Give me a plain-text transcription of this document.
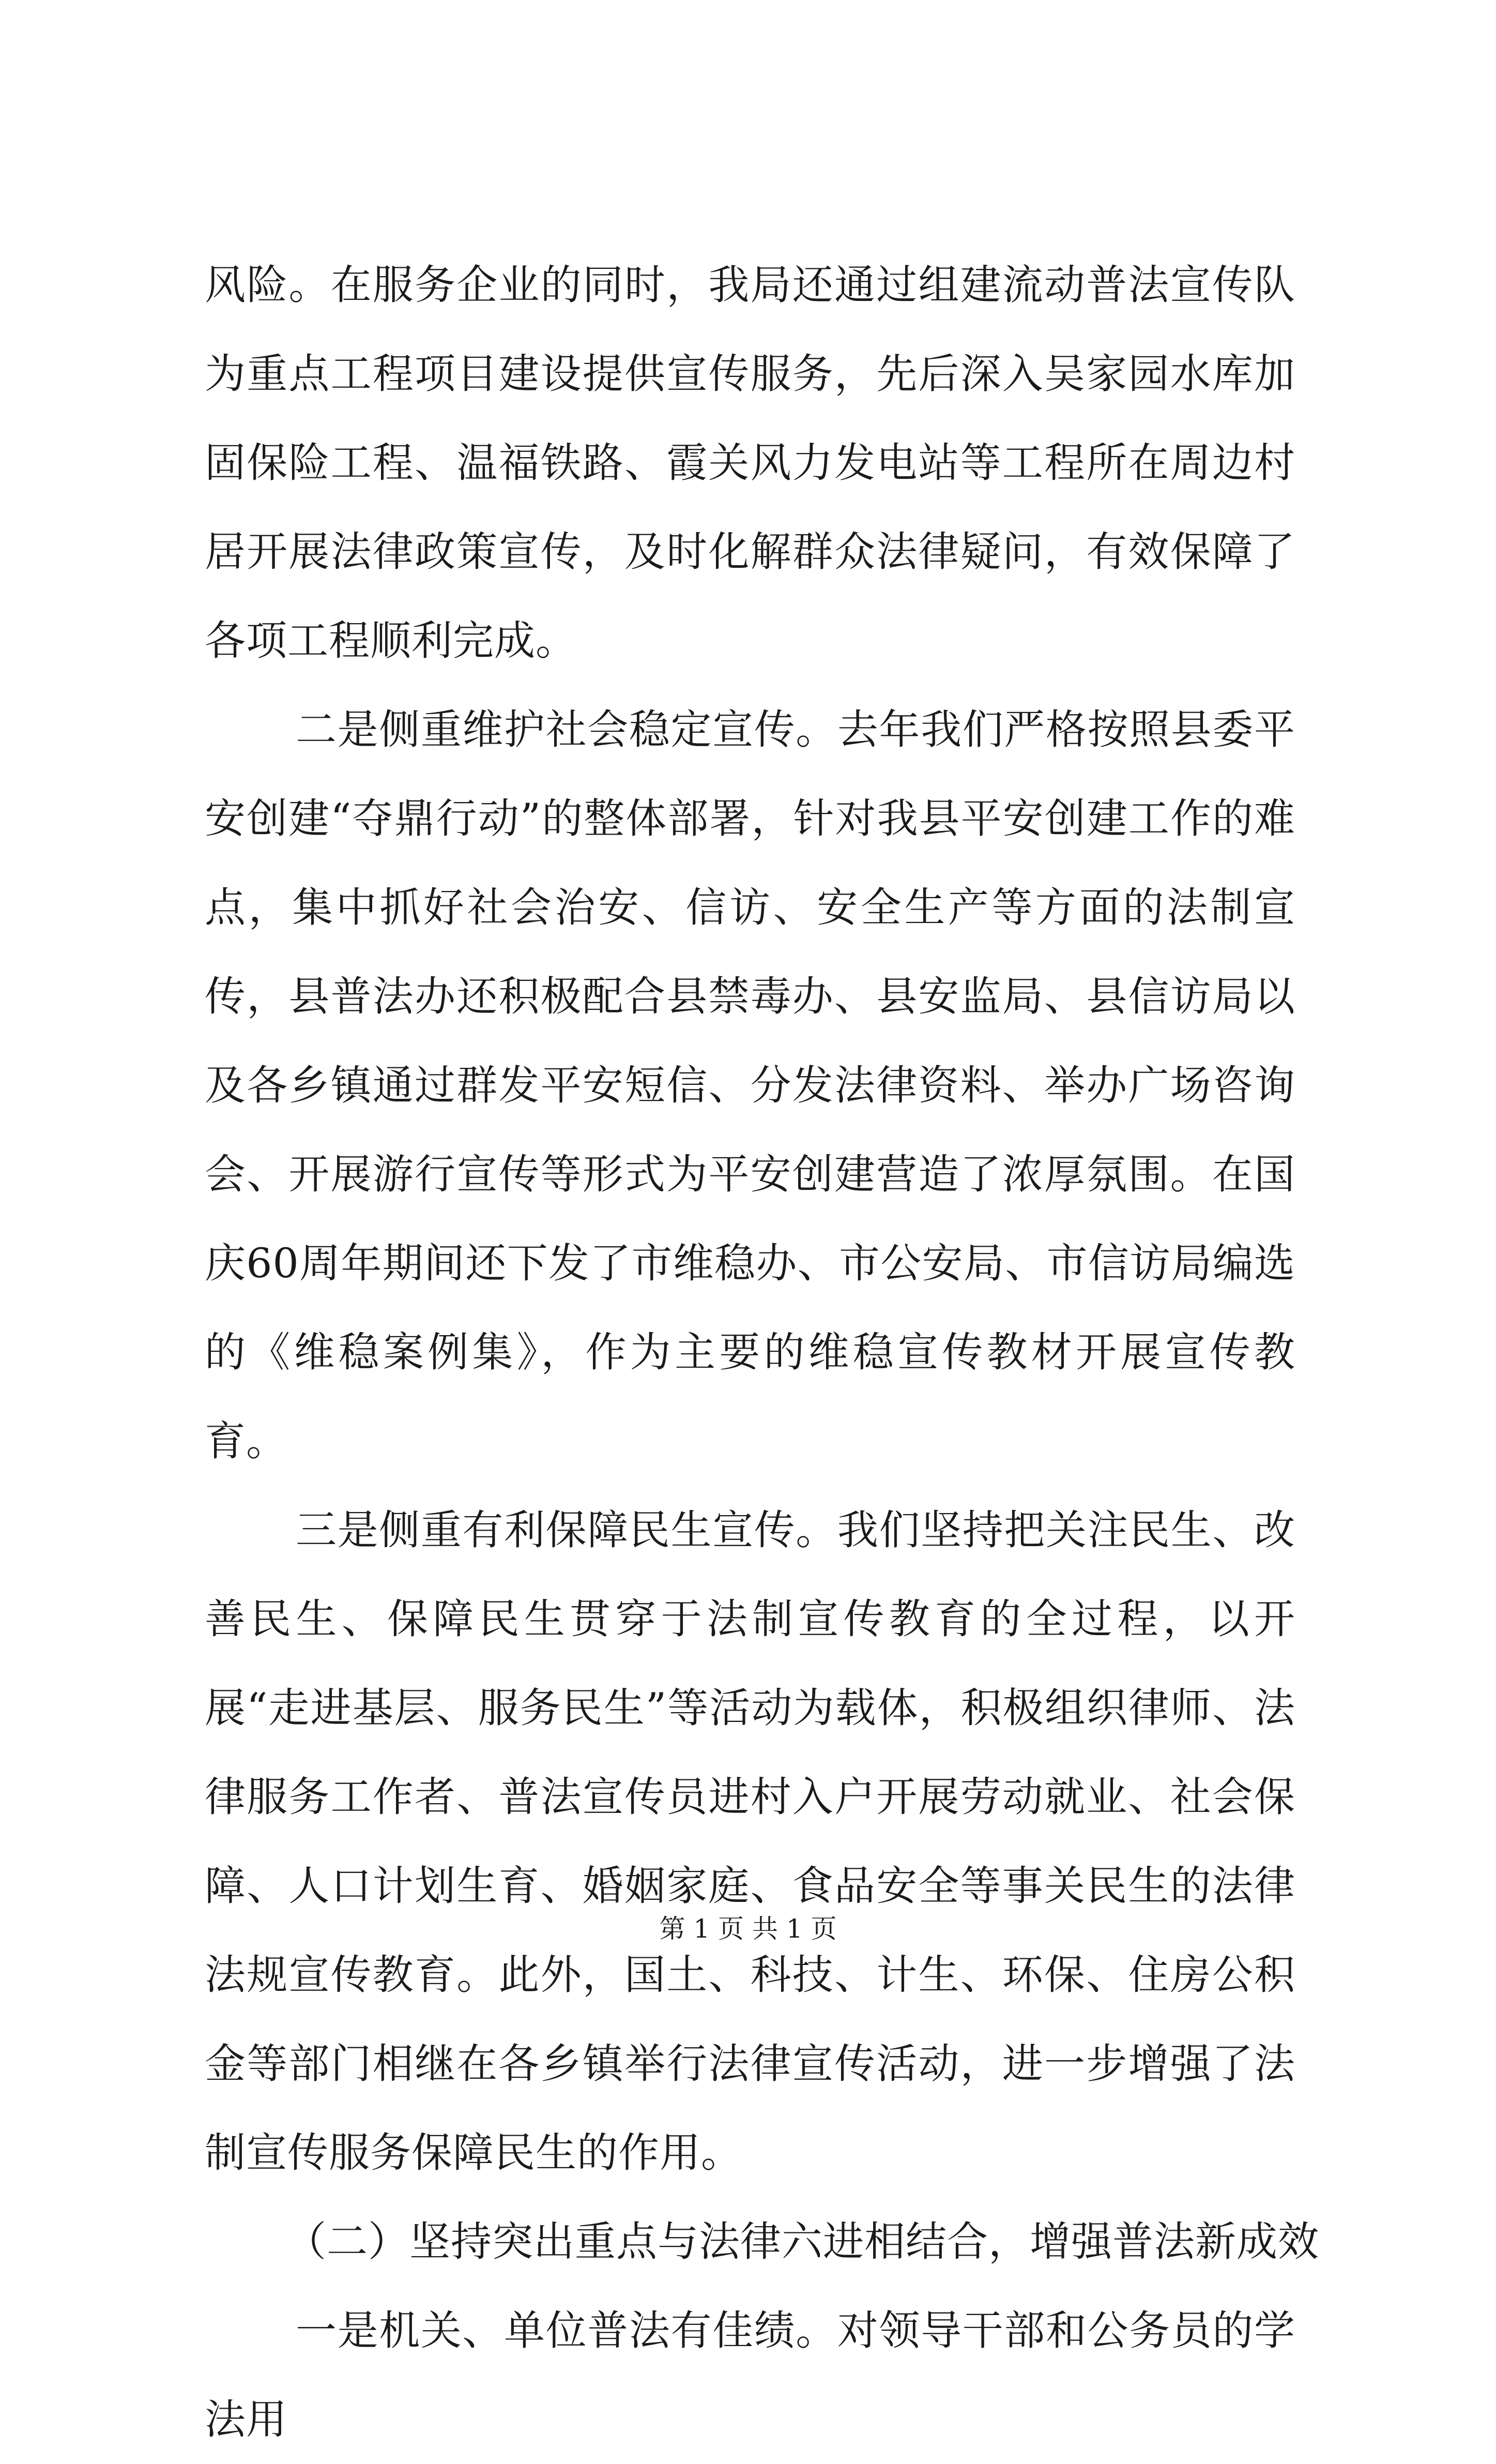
风险。在服务企业的同时，我局还通过组建流动普法宣传队为重点工程项目建设提供宣传服务，先后深入吴家园水库加固保险工程、温福铁路、霞关风力发电站等工程所在周边村居开展法律政策宣传，及时化解群众法律疑问，有效保障了各项工程顺利完成。

二是侧重维护社会稳定宣传。去年我们严格按照县委平安创建“夺鼎行动”的整体部署，针对我县平安创建工作的难点，集中抓好社会治安、信访、安全生产等方面的法制宣传，县普法办还积极配合县禁毒办、县安监局、县信访局以及各乡镇通过群发平安短信、分发法律资料、举办广场咨询会、开展游行宣传等形式为平安创建营造了浓厚氛围。在国庆60周年期间还下发了市维稳办、市公安局、市信访局编选的《维稳案例集》，作为主要的维稳宣传教材开展宣传教育。

三是侧重有利保障民生宣传。我们坚持把关注民生、改善民生、保障民生贯穿于法制宣传教育的全过程，以开展“走进基层、服务民生”等活动为载体，积极组织律师、法律服务工作者、普法宣传员进村入户开展劳动就业、社会保障、人口计划生育、婚姻家庭、食品安全等事关民生的法律法规宣传教育。此外，国土、科技、计生、环保、住房公积金等部门相继在各乡镇举行法律宣传活动，进一步增强了法制宣传服务保障民生的作用。

（二）坚持突出重点与法律六进相结合，增强普法新成效

一是机关、单位普法有佳绩。对领导干部和公务员的学法用

第 1 页 共 1 页
